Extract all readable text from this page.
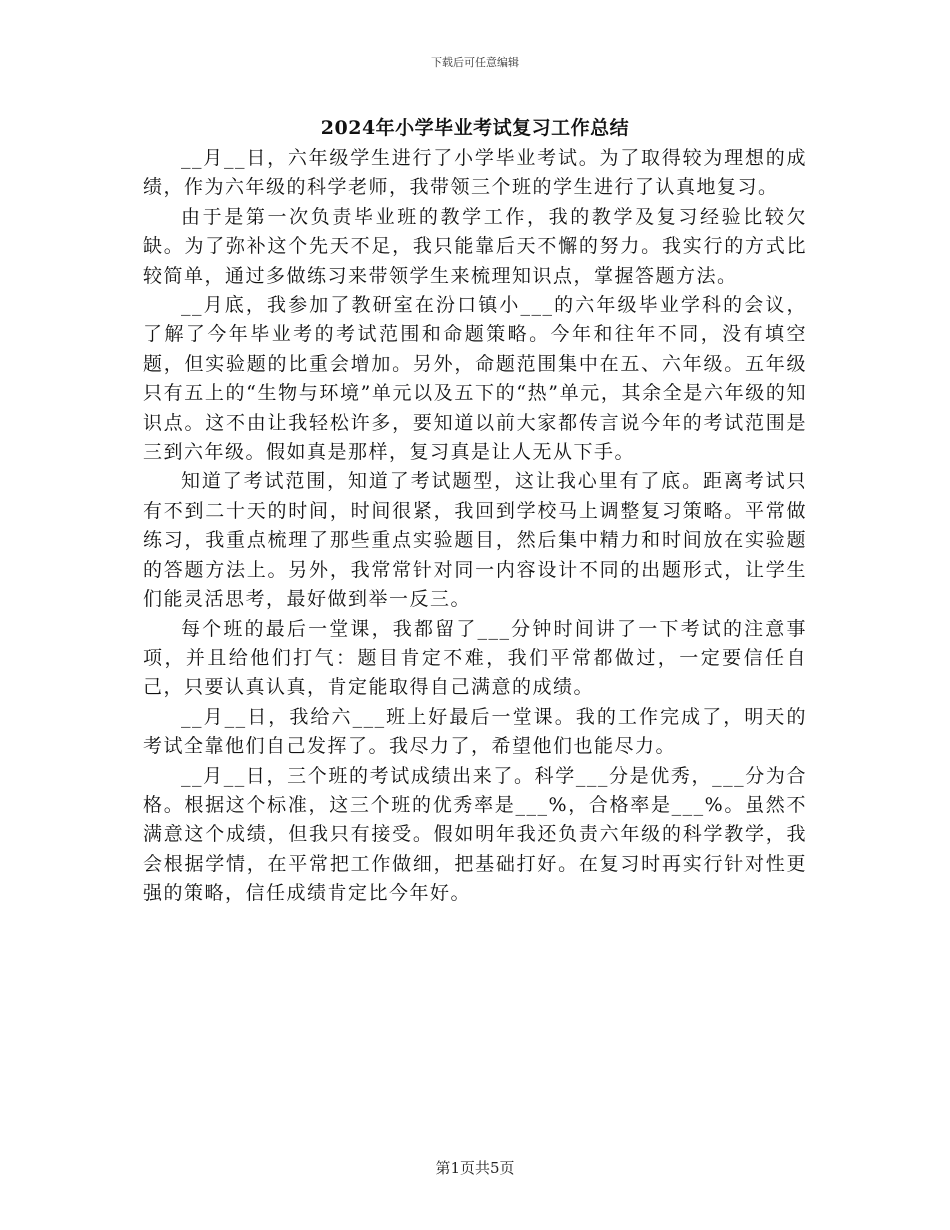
下载后可任意编辑
2024年小学毕业考试复习工作总结

__月__日，六年级学生进行了小学毕业考试。为了取得较为理想的成绩，作为六年级的科学老师，我带领三个班的学生进行了认真地复习。

由于是第一次负责毕业班的教学工作，我的教学及复习经验比较欠缺。为了弥补这个先天不足，我只能靠后天不懈的努力。我实行的方式比较简单，通过多做练习来带领学生来梳理知识点，掌握答题方法。

__月底，我参加了教研室在汾口镇小___的六年级毕业学科的会议，了解了今年毕业考的考试范围和命题策略。今年和往年不同，没有填空题，但实验题的比重会增加。另外，命题范围集中在五、六年级。五年级只有五上的“生物与环境”单元以及五下的“热”单元，其余全是六年级的知识点。这不由让我轻松许多，要知道以前大家都传言说今年的考试范围是三到六年级。假如真是那样，复习真是让人无从下手。

知道了考试范围，知道了考试题型，这让我心里有了底。距离考试只有不到二十天的时间，时间很紧，我回到学校马上调整复习策略。平常做练习，我重点梳理了那些重点实验题目，然后集中精力和时间放在实验题的答题方法上。另外，我常常针对同一内容设计不同的出题形式，让学生们能灵活思考，最好做到举一反三。

每个班的最后一堂课，我都留了___分钟时间讲了一下考试的注意事项，并且给他们打气：题目肯定不难，我们平常都做过，一定要信任自己，只要认真认真，肯定能取得自己满意的成绩。

__月__日，我给六___班上好最后一堂课。我的工作完成了，明天的考试全靠他们自己发挥了。我尽力了，希望他们也能尽力。

__月__日，三个班的考试成绩出来了。科学___分是优秀，___分为合格。根据这个标准，这三个班的优秀率是___%，合格率是___%。虽然不满意这个成绩，但我只有接受。假如明年我还负责六年级的科学教学，我会根据学情，在平常把工作做细，把基础打好。在复习时再实行针对性更强的策略，信任成绩肯定比今年好。

第1页共5页
